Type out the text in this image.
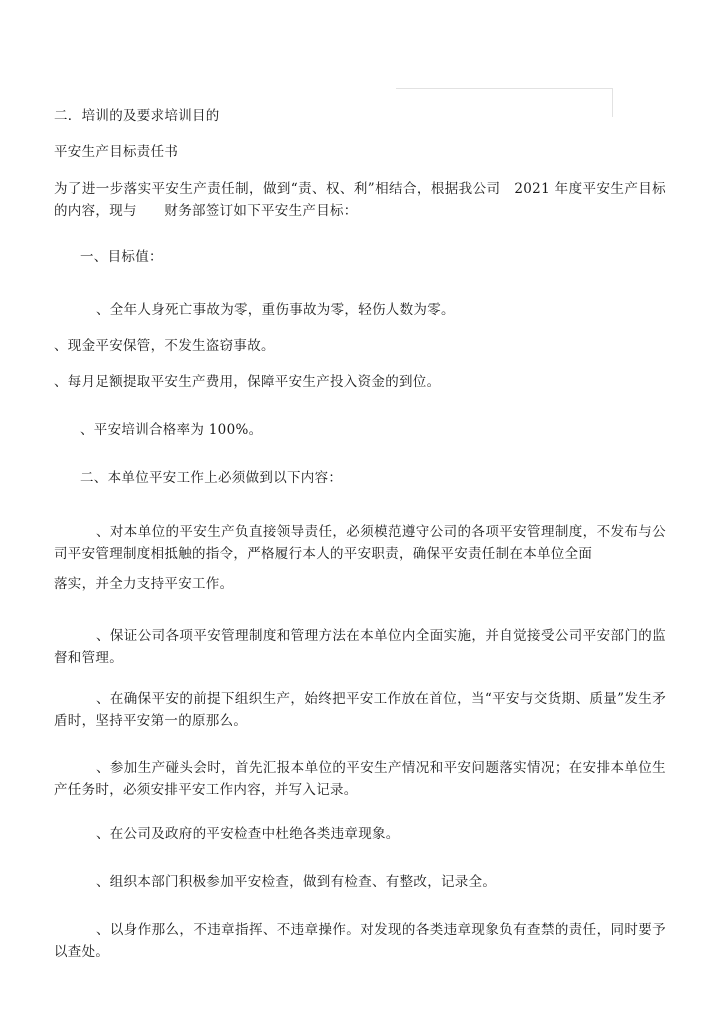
二．培训的及要求培训目的
平安生产目标责任书
为了进一步落实平安生产责任制，做到“责、权、利”相结合，根据我公司　2021 年度平安生产目标的内容，现与　　财务部签订如下平安生产目标：
一、目标值：
、全年人身死亡事故为零，重伤事故为零，轻伤人数为零。
、现金平安保管，不发生盗窃事故。
、每月足额提取平安生产费用，保障平安生产投入资金的到位。
、平安培训合格率为 100%。
二、本单位平安工作上必须做到以下内容：
、对本单位的平安生产负直接领导责任，必须模范遵守公司的各项平安管理制度，不发布与公司平安管理制度相抵触的指令，严格履行本人的平安职责，确保平安责任制在本单位全面
落实，并全力支持平安工作。
、保证公司各项平安管理制度和管理方法在本单位内全面实施，并自觉接受公司平安部门的监督和管理。
、在确保平安的前提下组织生产，始终把平安工作放在首位，当“平安与交货期、质量”发生矛盾时，坚持平安第一的原那么。
、参加生产碰头会时，首先汇报本单位的平安生产情况和平安问题落实情况；在安排本单位生产任务时，必须安排平安工作内容，并写入记录。
、在公司及政府的平安检查中杜绝各类违章现象。
、组织本部门积极参加平安检查，做到有检查、有整改，记录全。
、以身作那么，不违章指挥、不违章操作。对发现的各类违章现象负有查禁的责任，同时要予以查处。
